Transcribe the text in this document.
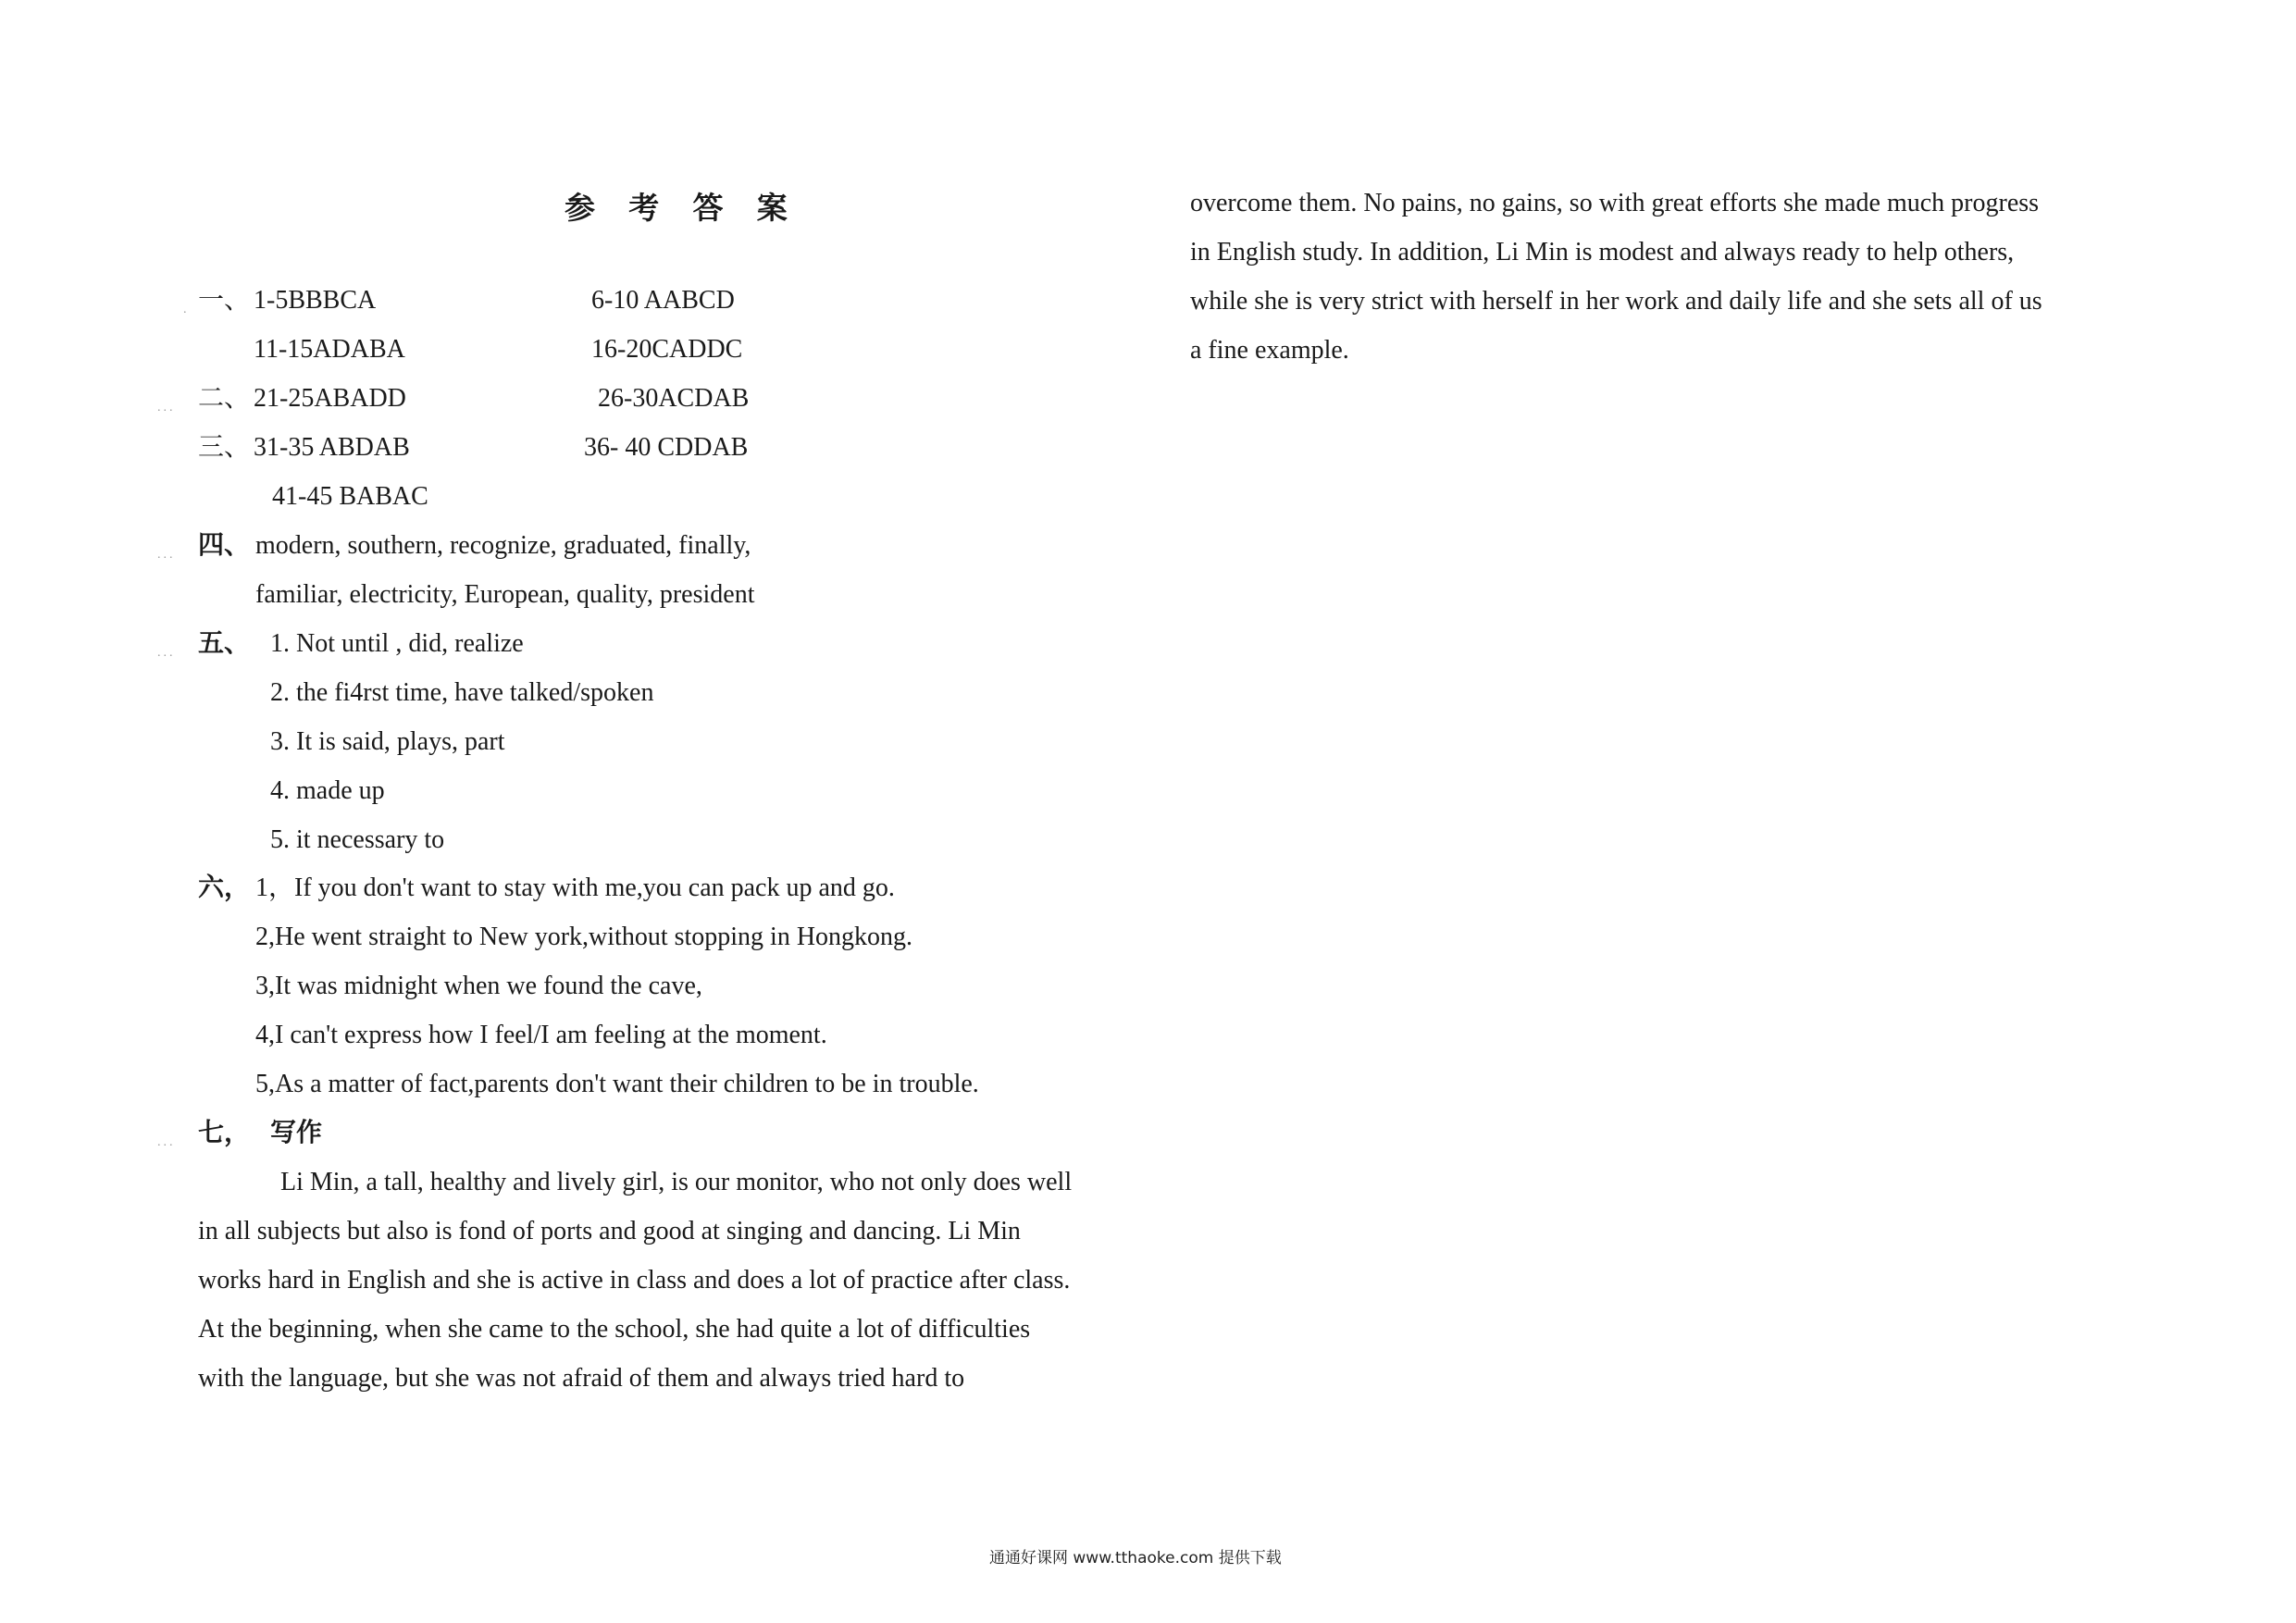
参 考 答 案
. 一、 1-5BBBCA	6-10 AABCD
11-15ADABA	16-20CADDC
... 二、 21-25ABADD	26-30ACDAB
三、 31-35 ABDAB	36- 40 CDDAB
41-45 BABAC
... 四、 modern, southern, recognize, graduated, finally,
familiar, electricity, European, quality, president
... 五、 1. Not until , did, realize
2. the fi4rst time, have talked/spoken
3. It is said, plays, part
4. made up
5. it necessary to
六， 1，If you don't want to stay with me,you can pack up and go.
2,He went straight to New york,without stopping in Hongkong.
3,It was midnight when we found the cave,
4,I can't express how I feel/I am feeling at the moment.
5,As a matter of fact,parents don't want their children to be in trouble.
... 七， 写作
Li Min, a tall, healthy and lively girl, is our monitor, who not only does well
in all subjects but also is fond of ports and good at singing and dancing. Li Min
works hard in English and she is active in class and does a lot of practice after class.
At the beginning, when she came to the school, she had quite a lot of difficulties
with the language, but she was not afraid of them and always tried hard to
overcome them. No pains, no gains, so with great efforts she made much progress
in English study. In addition, Li Min is modest and always ready to help others,
while she is very strict with herself in her work and daily life and she sets all of us
a fine example.
通通好课网 www.tthaoke.com 提供下载
